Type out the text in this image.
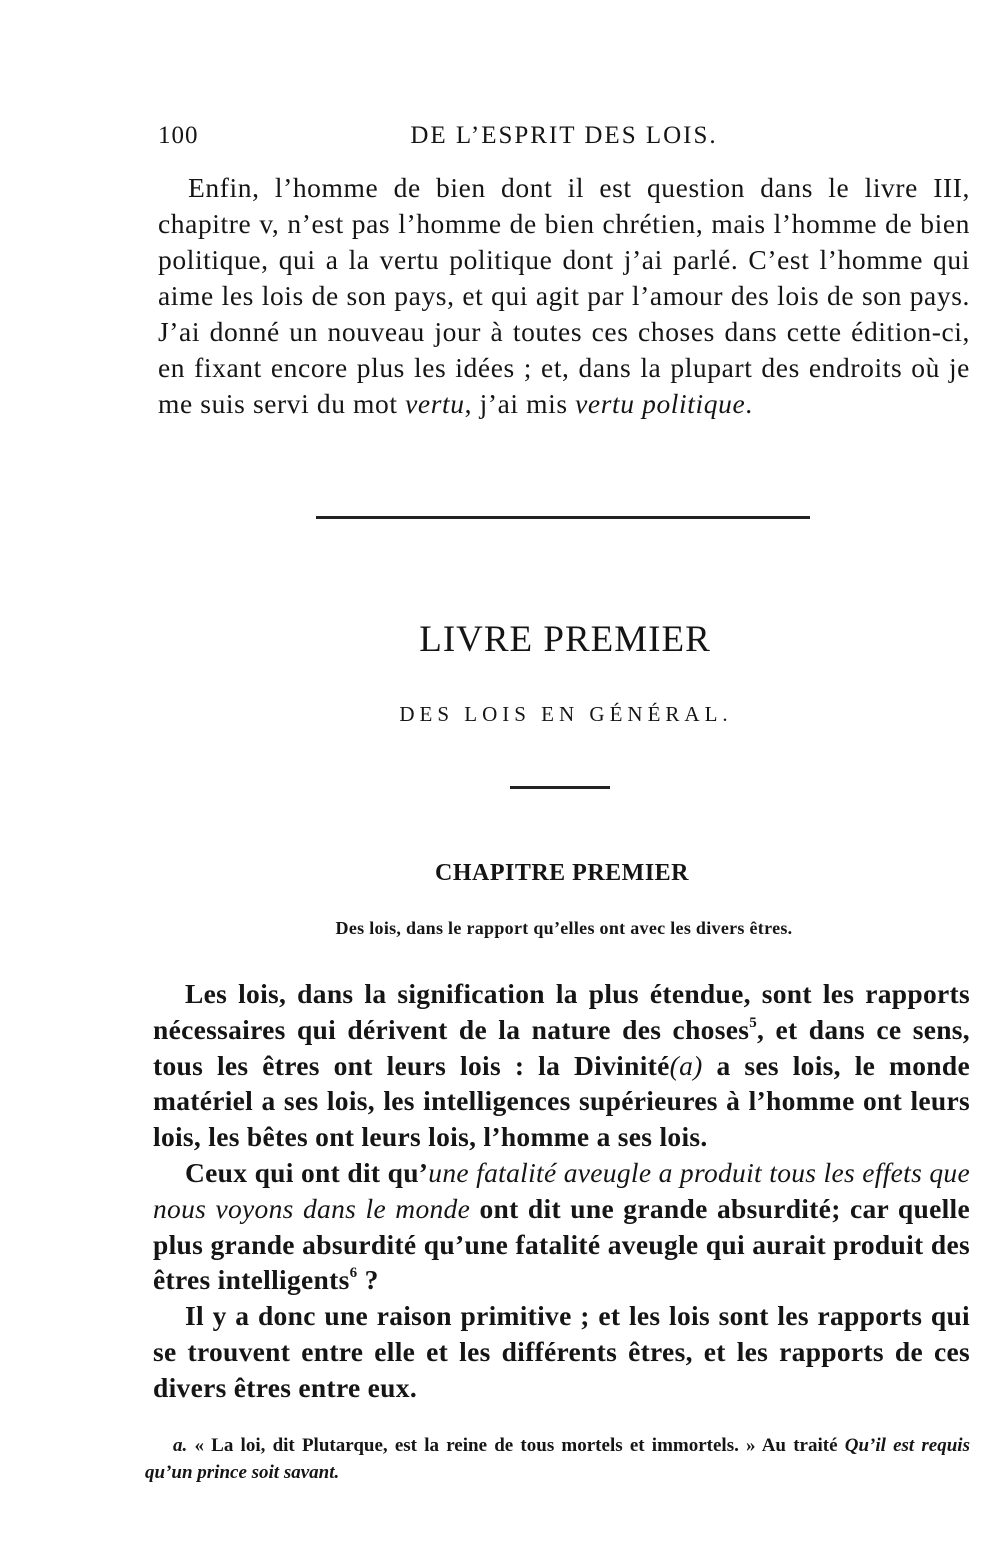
100	DE L’ESPRIT DES LOIS.

Enfin, l’homme de bien dont il est question dans le livre III, chapitre v, n’est pas l’homme de bien chrétien, mais l’homme de bien politique, qui a la vertu politique dont j’ai parlé. C’est l’homme qui aime les lois de son pays, et qui agit par l’amour des lois de son pays. J’ai donné un nouveau jour à toutes ces choses dans cette édition-ci, en fixant encore plus les idées ; et, dans la plupart des endroits où je me suis servi du mot vertu, j’ai mis vertu politique.

LIVRE PREMIER
DES LOIS EN GÉNÉRAL.
CHAPITRE PREMIER
Des lois, dans le rapport qu’elles ont avec les divers êtres.

Les lois, dans la signification la plus étendue, sont les rapports nécessaires qui dérivent de la nature des choses$^5$, et dans ce sens, tous les êtres ont leurs lois : la Divinité(a) a ses lois, le monde matériel a ses lois, les intelligences supérieures à l’homme ont leurs lois, les bêtes ont leurs lois, l’homme a ses lois.

Ceux qui ont dit qu’une fatalité aveugle a produit tous les effets que nous voyons dans le monde ont dit une grande absurdité; car quelle plus grande absurdité qu’une fatalité aveugle qui aurait produit des êtres intelligents$^6$ ?

Il y a donc une raison primitive ; et les lois sont les rapports qui se trouvent entre elle et les différents êtres, et les rapports de ces divers êtres entre eux.

a. « La loi, dit Plutarque, est la reine de tous mortels et immortels. » Au traité Qu’il est requis qu’un prince soit savant.
